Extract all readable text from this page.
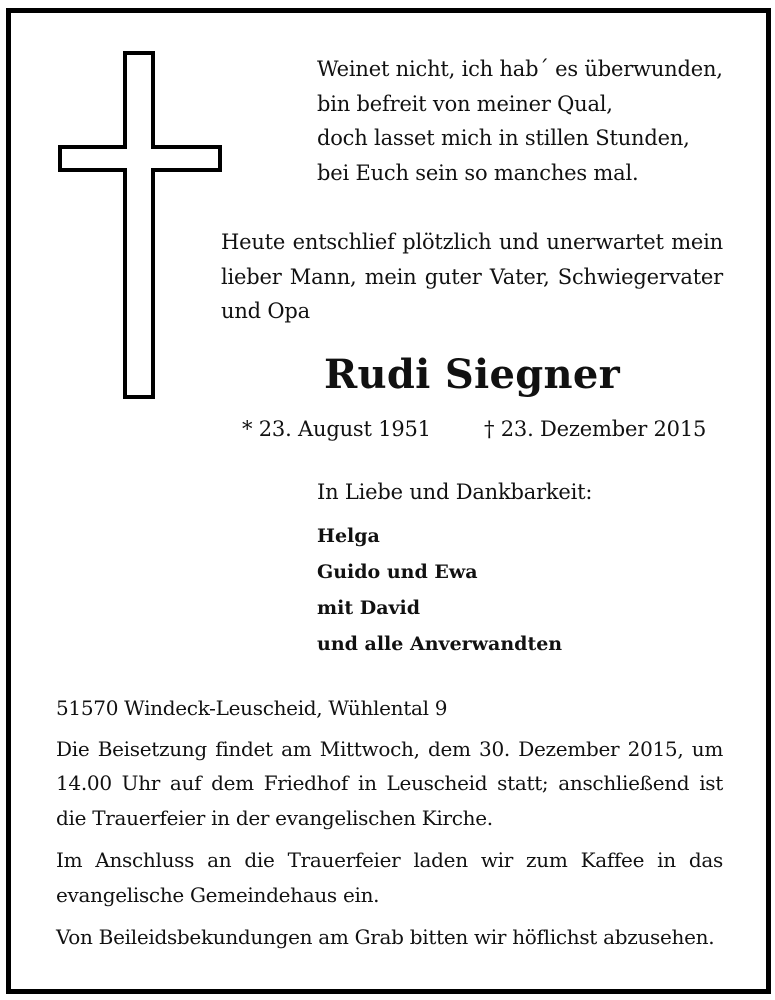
Weinet nicht, ich hab´ es überwunden,
bin befreit von meiner Qual,
doch lasset mich in stillen Stunden,
bei Euch sein so manches mal.
Heute entschlief plötzlich und unerwartet mein lieber Mann, mein guter Vater, Schwiegervater und Opa
Rudi Siegner
* 23. August 1951	† 23. Dezember 2015
In Liebe und Dankbarkeit:
Helga
Guido und Ewa
mit David
und alle Anverwandten

51570 Windeck-Leuscheid, Wühlental 9

Die Beisetzung findet am Mittwoch, dem 30. Dezember 2015, um 14.00 Uhr auf dem Friedhof in Leuscheid statt; anschließend ist die Trauerfeier in der evangelischen Kirche.

Im Anschluss an die Trauerfeier laden wir zum Kaffee in das evangelische Gemeindehaus ein.

Von Beileidsbekundungen am Grab bitten wir höflichst abzusehen.
